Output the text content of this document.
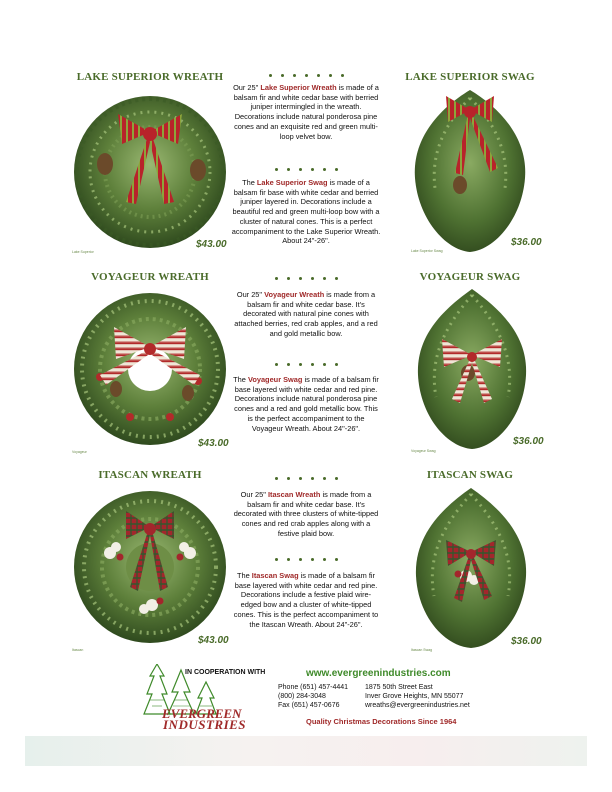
LAKE SUPERIOR WREATH
$43.00
Lake Superior
Our 25" Lake Superior Wreath is made of a balsam fir and white cedar base with berried juniper intermingled in the wreath. Decorations include natural ponderosa pine cones and an exquisite red and green multi-loop velvet bow.
The Lake Superior Swag is made of a balsam fir base with white cedar and berried juniper layered in. Decorations include a beautiful red and green multi-loop bow with a cluster of natural cones. This is a perfect accompaniment to the Lake Superior Wreath. About 24"-26".
LAKE SUPERIOR SWAG
$36.00
Lake Superior Swag
VOYAGEUR WREATH
$43.00
Voyageur
Our 25" Voyageur Wreath is made from a balsam fir and white cedar base. It's decorated with natural pine cones with attached berries, red crab apples, and a red and gold metallic bow.
The Voyageur Swag is made of a balsam fir base layered with white cedar and red pine. Decorations include natural ponderosa pine cones and a red and gold metallic bow. This is the perfect accompaniment to the Voyageur Wreath. About 24"-26".
VOYAGEUR SWAG
$36.00
Voyageur Swag
ITASCAN WREATH
$43.00
Itascan
Our 25" Itascan Wreath is made from a balsam fir and white cedar base. It's decorated with three clusters of white-tipped cones and red crab apples along with a festive plaid bow.
The Itascan Swag is made of a balsam fir base layered with white cedar and red pine. Decorations include a festive plaid wire-edged bow and a cluster of white-tipped cones. This is the perfect accompaniment to the Itascan Wreath. About 24"-26".
ITASCAN SWAG
$36.00
Itascan Swag
EVERGREEN
INDUSTRIES
IN COOPERATION WITH	www.evergreenindustries.com
Phone (651) 457-4441
(800) 284-3048
Fax (651) 457-0676
1875 50th Street East
Inver Grove Heights, MN 55077
wreaths@evergreenindustries.net
Quality Christmas Decorations Since 1964
